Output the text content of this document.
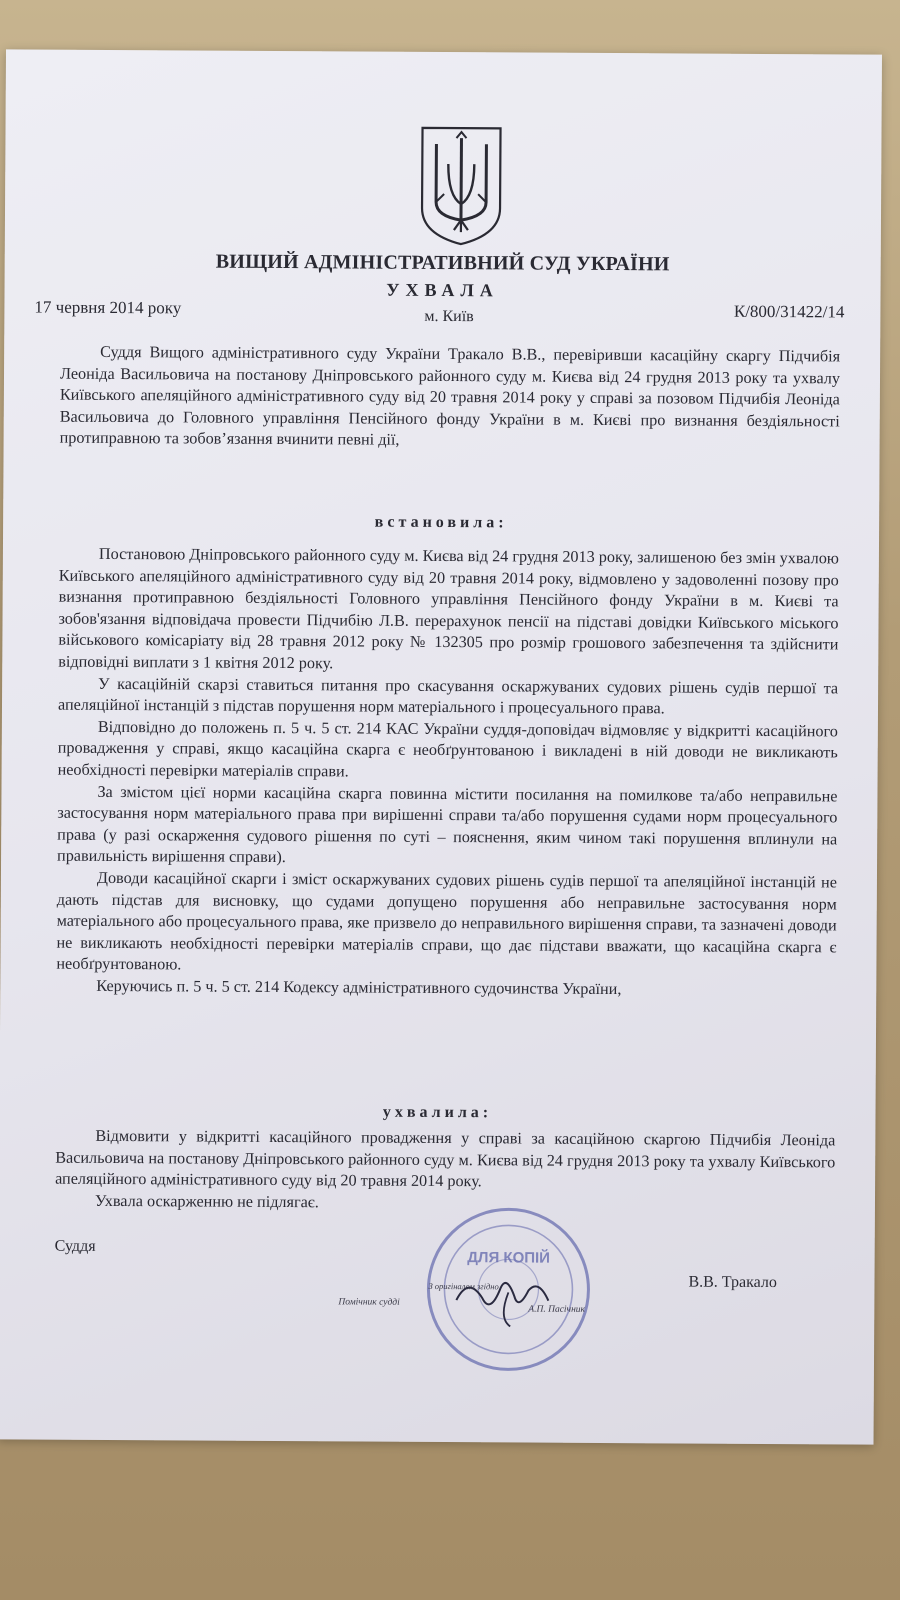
ВИЩИЙ АДМІНІСТРАТИВНИЙ СУД УКРАЇНИ
УХВАЛА
17 червня 2014 року	м. Київ	К/800/31422/14

Суддя Вищого адміністративного суду України Тракало В.В., перевіривши касаційну скаргу Підчибія Леоніда Васильовича на постанову Дніпровського районного суду м. Києва від 24 грудня 2013 року та ухвалу Київського апеляційного адміністративного суду від 20 травня 2014 року у справі за позовом Підчибія Леоніда Васильовича до Головного управління Пенсійного фонду України в м. Києві про визнання бездіяльності протиправною та зобов’язання вчинити певні дії,

встановила:

Постановою Дніпровського районного суду м. Києва від 24 грудня 2013 року, залишеною без змін ухвалою Київського апеляційного адміністративного суду від 20 травня 2014 року, відмовлено у задоволенні позову про визнання протиправною бездіяльності Головного управління Пенсійного фонду України в м. Києві та зобов'язання відповідача провести Підчибію Л.В. перерахунок пенсії на підставі довідки Київського міського військового комісаріату від 28 травня 2012 року № 132305 про розмір грошового забезпечення та здійснити відповідні виплати з 1 квітня 2012 року.

У касаційній скарзі ставиться питання про скасування оскаржуваних судових рішень судів першої та апеляційної інстанцій з підстав порушення норм матеріального і процесуального права.

Відповідно до положень п. 5 ч. 5 ст. 214 КАС України суддя-доповідач відмовляє у відкритті касаційного провадження у справі, якщо касаційна скарга є необґрунтованою і викладені в ній доводи не викликають необхідності перевірки матеріалів справи.

За змістом цієї норми касаційна скарга повинна містити посилання на помилкове та/або неправильне застосування норм матеріального права при вирішенні справи та/або порушення судами норм процесуального права (у разі оскарження судового рішення по суті – пояснення, яким чином такі порушення вплинули на правильність вирішення справи).

Доводи касаційної скарги і зміст оскаржуваних судових рішень судів першої та апеляційної інстанцій не дають підстав для висновку, що судами допущено порушення або неправильне застосування норм матеріального або процесуального права, яке призвело до неправильного вирішення справи, та зазначені доводи не викликають необхідності перевірки матеріалів справи, що дає підстави вважати, що касаційна скарга є необґрунтованою.

Керуючись п. 5 ч. 5 ст. 214 Кодексу адміністративного судочинства України,

ухвалила:

Відмовити у відкритті касаційного провадження у справі за касаційною скаргою Підчибія Леоніда Васильовича на постанову Дніпровського районного суду м. Києва від 24 грудня 2013 року та ухвалу Київського апеляційного адміністративного суду від 20 травня 2014 року.

Ухвала оскарженню не підлягає.

Суддя
ДЛЯ КОПІЙ
З оригіналом згідно
Помічник судді
А.П. Пасічник
В.В. Тракало
